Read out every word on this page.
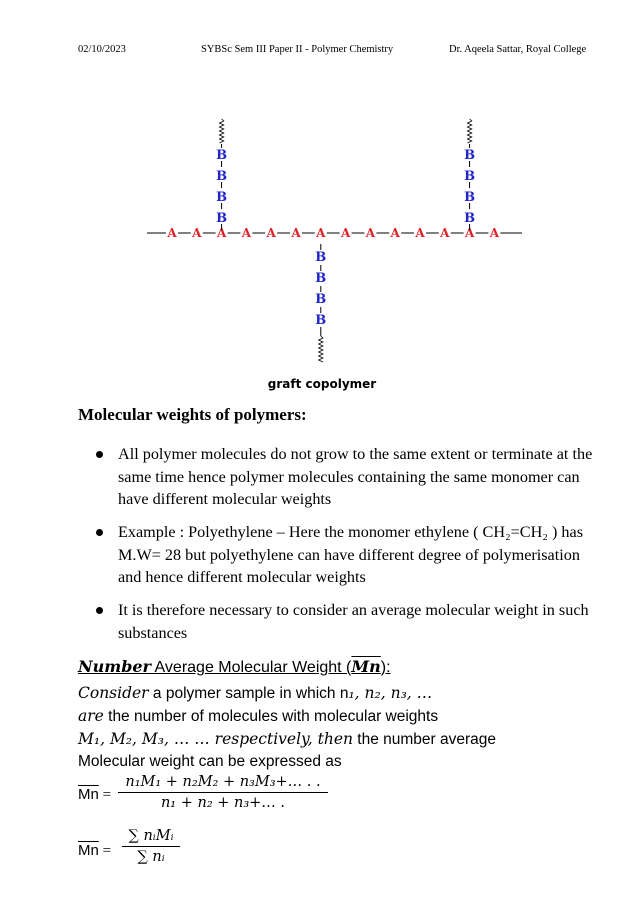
02/10/2023	SYBSc Sem III Paper II - Polymer Chemistry	Dr. Aqeela Sattar, Royal College
A A A A A A A A A A A A A A
B
B
B
B
B
B
B
B
B
B
B
B
graft copolymer
Molecular weights of polymers:
All polymer molecules do not grow to the same extent or terminate at the same time hence polymer molecules containing the same monomer can have different molecular weights
Example : Polyethylene – Here the monomer ethylene ( CH₂=CH₂ ) has M.W= 28 but polyethylene can have different degree of polymerisation and hence different molecular weights
It is therefore necessary to consider an average molecular weight in such substances
Number Average Molecular Weight (Mn):
Consider a polymer sample in which n₁, n₂, n₃, …
are the number of molecules with molecular weights
M₁, M₂, M₃, … … respectively, then the number average
Molecular weight can be expressed as
$\overline{Mn}$ =
n₁M₁ + n₂M₂ + n₃M₃+… . .
n₁ + n₂ + n₃+… .
$\overline{Mn}$ =
∑ nᵢMᵢ
∑ nᵢ
